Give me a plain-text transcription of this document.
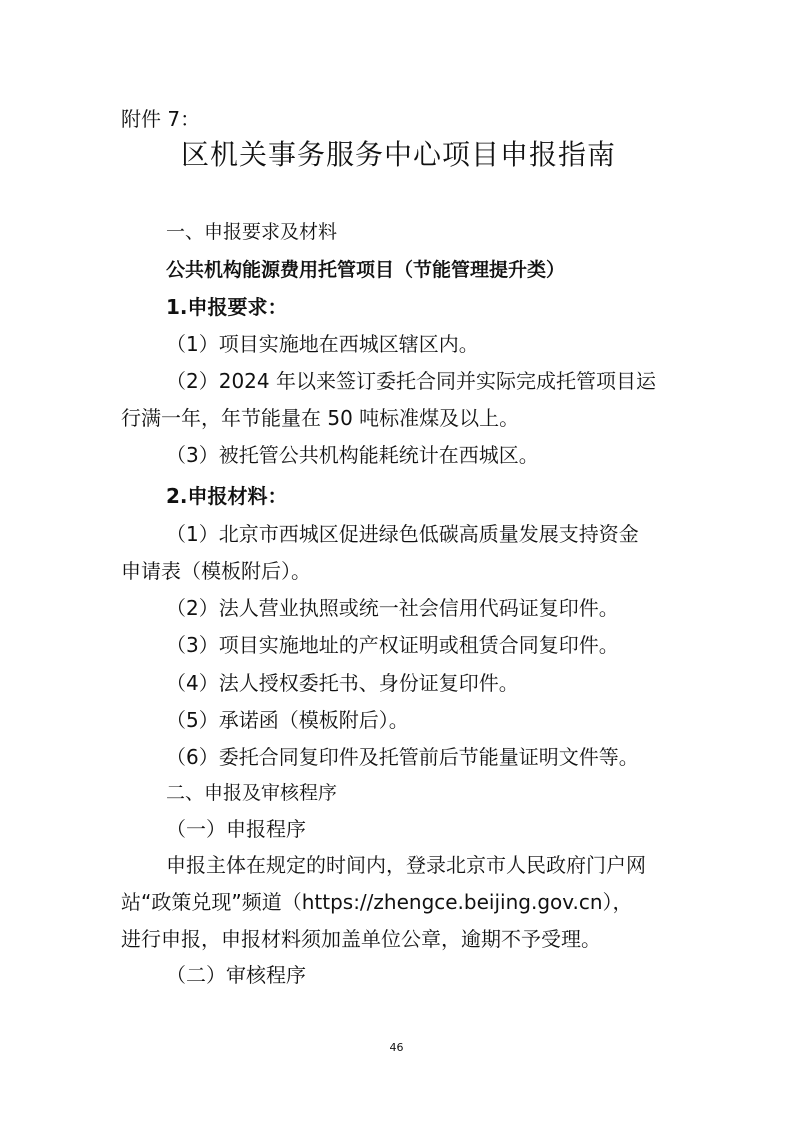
附件 7：
区机关事务服务中心项目申报指南
一、申报要求及材料
公共机构能源费用托管项目（节能管理提升类）
1.申报要求：
（1）项目实施地在西城区辖区内。
（2）2024 年以来签订委托合同并实际完成托管项目运
行满一年，年节能量在 50 吨标准煤及以上。
（3）被托管公共机构能耗统计在西城区。
2.申报材料：
（1）北京市西城区促进绿色低碳高质量发展支持资金
申请表（模板附后）。
（2）法人营业执照或统一社会信用代码证复印件。
（3）项目实施地址的产权证明或租赁合同复印件。
（4）法人授权委托书、身份证复印件。
（5）承诺函（模板附后）。
（6）委托合同复印件及托管前后节能量证明文件等。
二、申报及审核程序
（一）申报程序
申报主体在规定的时间内，登录北京市人民政府门户网
站“政策兑现”频道（https://zhengce.beijing.gov.cn），
进行申报，申报材料须加盖单位公章，逾期不予受理。
（二）审核程序
46
